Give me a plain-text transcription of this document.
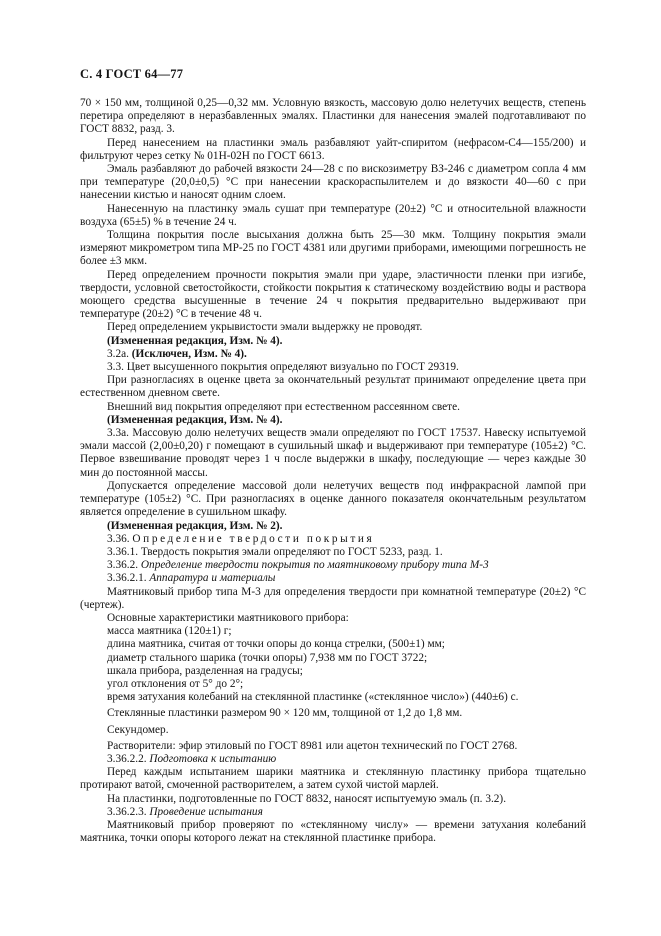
С. 4 ГОСТ 64—77

70 × 150 мм, толщиной 0,25—0,32 мм. Условную вязкость, массовую долю нелетучих веществ, степень перетира определяют в неразбавленных эмалях. Пластинки для нанесения эмалей подготавливают по ГОСТ 8832, разд. 3.

Перед нанесением на пластинки эмаль разбавляют уайт-спиритом (нефрасом-С4—155/200) и фильтруют через сетку № 01Н-02Н по ГОСТ 6613.

Эмаль разбавляют до рабочей вязкости 24—28 с по вискозиметру ВЗ-246 с диаметром сопла 4 мм при температуре (20,0±0,5) °С при нанесении краскораспылителем и до вязкости 40—60 с при нанесении кистью и наносят одним слоем.

Нанесенную на пластинку эмаль сушат при температуре (20±2) °С и относительной влажности воздуха (65±5) % в течение 24 ч.

Толщина покрытия после высыхания должна быть 25—30 мкм. Толщину покрытия эмали измеряют микрометром типа МР-25 по ГОСТ 4381 или другими приборами, имеющими погрешность не более ±3 мкм.

Перед определением прочности покрытия эмали при ударе, эластичности пленки при изгибе, твердости, условной светостойкости, стойкости покрытия к статическому воздействию воды и раствора моющего средства высушенные в течение 24 ч покрытия предварительно выдерживают при температуре (20±2) °С в течение 48 ч.

Перед определением укрывистости эмали выдержку не проводят.

(Измененная редакция, Изм. № 4).

3.2а. (Исключен, Изм. № 4).

3.3. Цвет высушенного покрытия определяют визуально по ГОСТ 29319.

При разногласиях в оценке цвета за окончательный результат принимают определение цвета при естественном дневном свете.

Внешний вид покрытия определяют при естественном рассеянном свете.

(Измененная редакция, Изм. № 4).

3.3а. Массовую долю нелетучих веществ эмали определяют по ГОСТ 17537. Навеску испытуемой эмали массой (2,00±0,20) г помещают в сушильный шкаф и выдерживают при температуре (105±2) °С. Первое взвешивание проводят через 1 ч после выдержки в шкафу, последующие — через каждые 30 мин до постоянной массы.

Допускается определение массовой доли нелетучих веществ под инфракрасной лампой при температуре (105±2) °С. При разногласиях в оценке данного показателя окончательным результатом является определение в сушильном шкафу.

(Измененная редакция, Изм. № 2).

3.36. Определение твердости покрытия

3.36.1. Твердость покрытия эмали определяют по ГОСТ 5233, разд. 1.

3.36.2. Определение твердости покрытия по маятниковому прибору типа М-3

3.36.2.1. Аппаратура и материалы

Маятниковый прибор типа М-3 для определения твердости при комнатной температуре (20±2) °С (чертеж).

Основные характеристики маятникового прибора:

масса маятника (120±1) г;

длина маятника, считая от точки опоры до конца стрелки, (500±1) мм;

диаметр стального шарика (точки опоры) 7,938 мм по ГОСТ 3722;

шкала прибора, разделенная на градусы;

угол отклонения от 5° до 2°;

время затухания колебаний на стеклянной пластинке («стеклянное число») (440±6) с.

Стеклянные пластинки размером 90 × 120 мм, толщиной от 1,2 до 1,8 мм.

Секундомер.

Растворители: эфир этиловый по ГОСТ 8981 или ацетон технический по ГОСТ 2768.

3.36.2.2. Подготовка к испытанию

Перед каждым испытанием шарики маятника и стеклянную пластинку прибора тщательно протирают ватой, смоченной растворителем, а затем сухой чистой марлей.

На пластинки, подготовленные по ГОСТ 8832, наносят испытуемую эмаль (п. 3.2).

3.36.2.3. Проведение испытания

Маятниковый прибор проверяют по «стеклянному числу» — времени затухания колебаний маятника, точки опоры которого лежат на стеклянной пластинке прибора.
